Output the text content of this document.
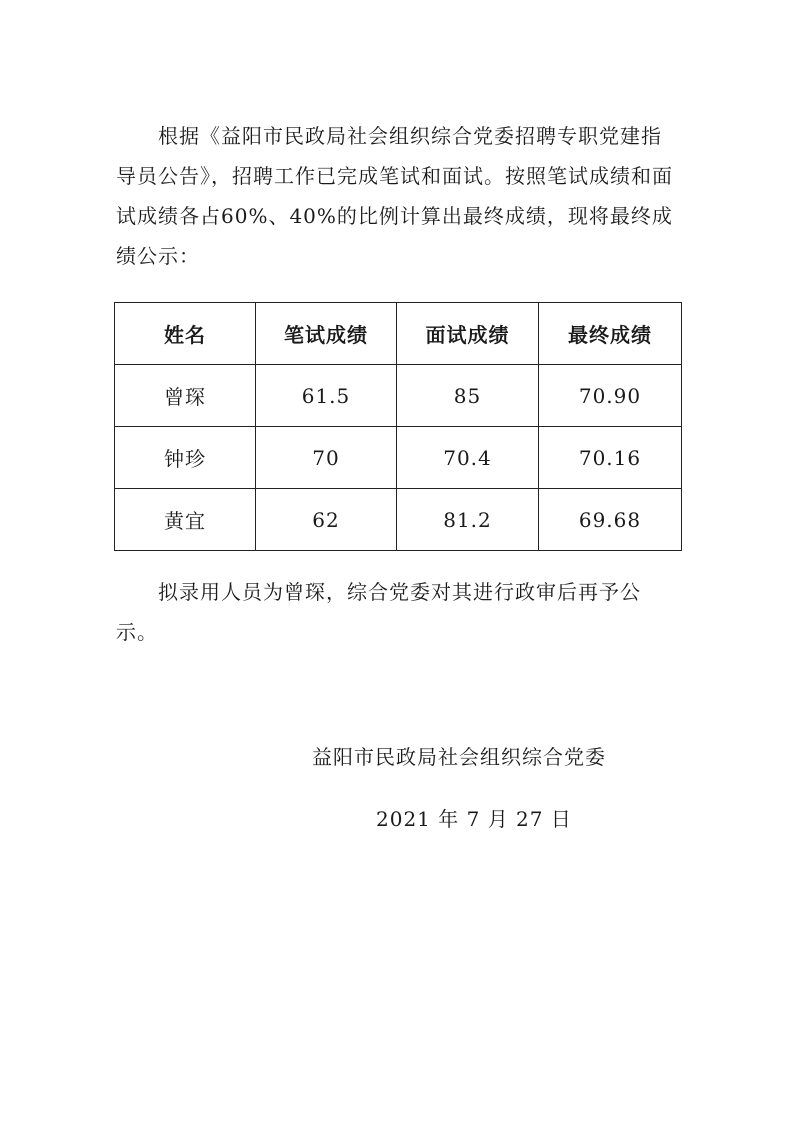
根据《益阳市民政局社会组织综合党委招聘专职党建指导员公告》，招聘工作已完成笔试和面试。按照笔试成绩和面试成绩各占60%、40%的比例计算出最终成绩，现将最终成绩公示：

姓名	笔试成绩	面试成绩	最终成绩
曾琛	61.5	85	70.90
钟珍	70	70.4	70.16
黄宜	62	81.2	69.68

拟录用人员为曾琛，综合党委对其进行政审后再予公示。

益阳市民政局社会组织综合党委

2021 年 7 月 27 日
